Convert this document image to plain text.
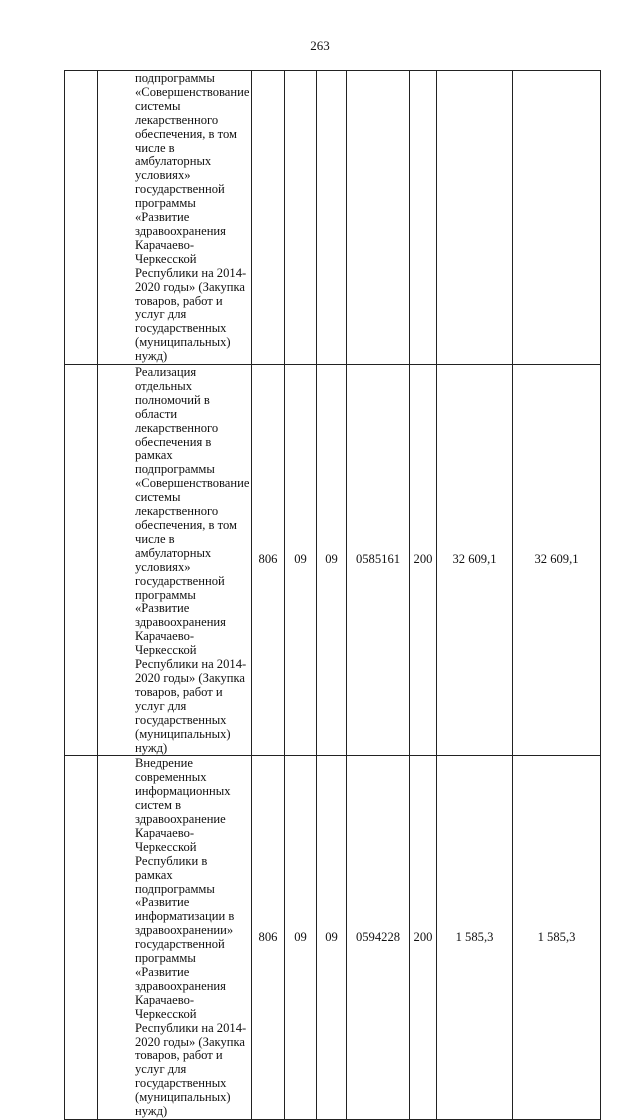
263
	подпрограммы «Совершенствование системы лекарственного обеспечения, в том числе в амбулаторных условиях» государственной программы «Развитие здравоохранения Карачаево-Черкесской Республики на 2014-2020 годы» (Закупка товаров, работ и услуг для государственных (муниципальных) нужд)							
	Реализация отдельных полномочий в области лекарственного обеспечения в рамках подпрограммы «Совершенствование системы лекарственного обеспечения, в том числе в амбулаторных условиях» государственной программы «Развитие здравоохранения Карачаево-Черкесской Республики на 2014-2020 годы» (Закупка товаров, работ и услуг для государственных (муниципальных) нужд)	806	09	09	0585161	200	32 609,1	32 609,1
	Внедрение современных информационных систем в здравоохранение Карачаево-Черкесской Республики в рамках подпрограммы «Развитие информатизации в здравоохранении» государственной программы «Развитие здравоохранения Карачаево-Черкесской Республики на 2014-2020 годы» (Закупка товаров, работ и услуг для государственных (муниципальных) нужд)	806	09	09	0594228	200	1 585,3	1 585,3
